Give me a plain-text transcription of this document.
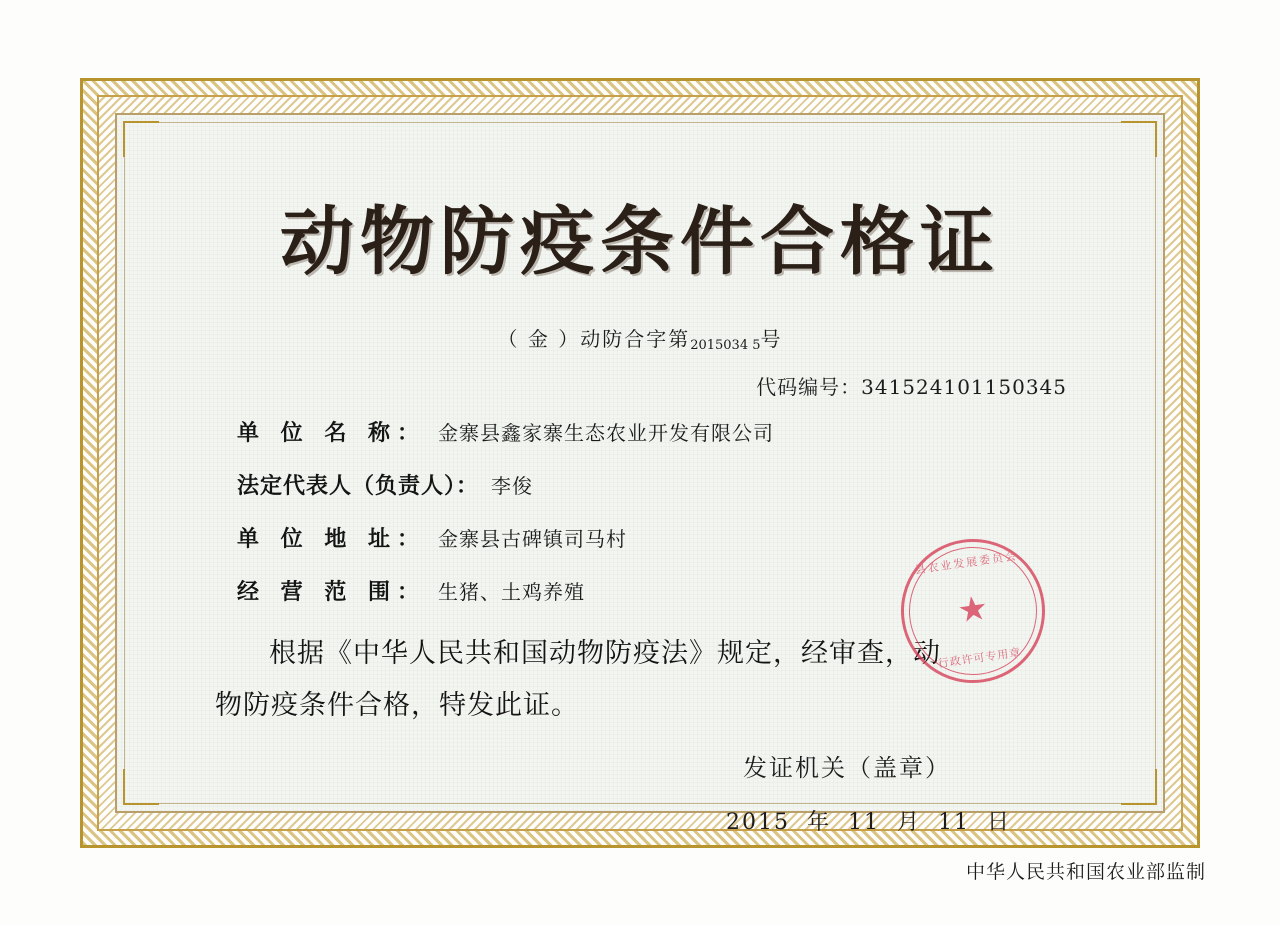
动物防疫条件合格证
（ 金 ）动防合字第2015034 5号
代码编号：341524101150345
单 位 名 称： 金寨县鑫家寨生态农业开发有限公司
法定代表人（负责人）： 李俊
单 位 地 址： 金寨县古碑镇司马村
经 营 范 围： 生猪、土鸡养殖
根据《中华人民共和国动物防疫法》规定，经审查，动
物防疫条件合格，特发此证。
发证机关（盖章）
2015 年 11 月 11 日
县农业发展委员会
★
行政许可专用章
中华人民共和国农业部监制
